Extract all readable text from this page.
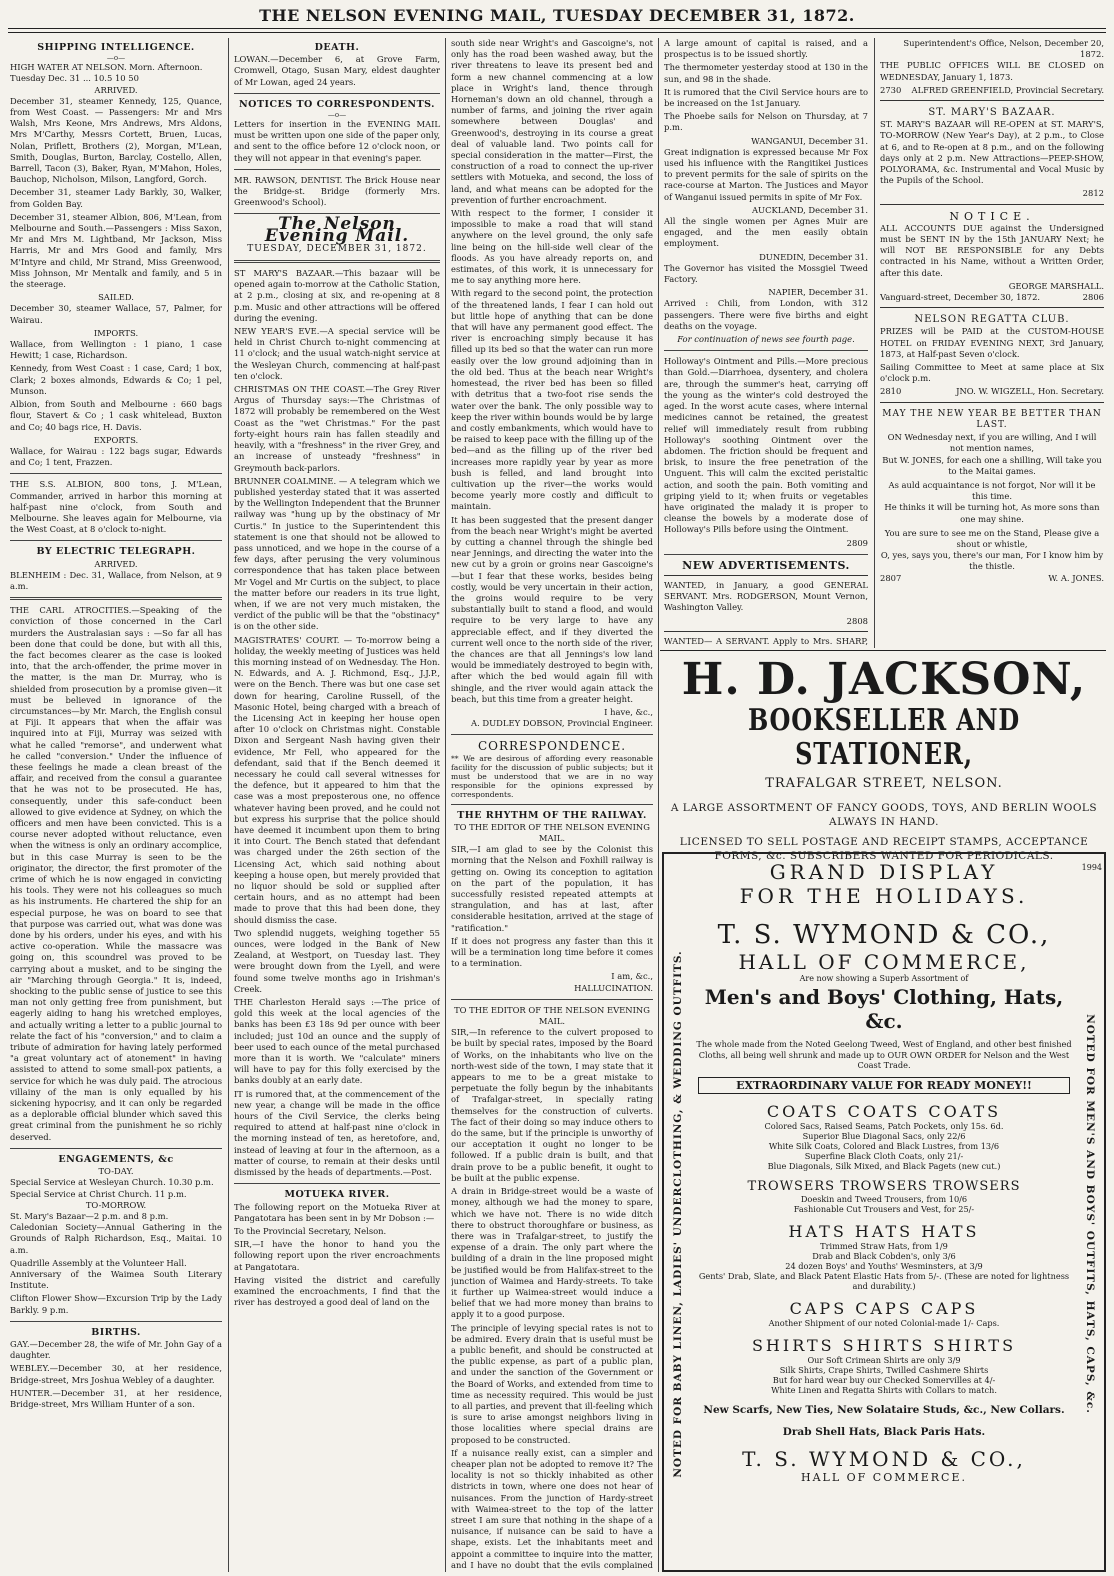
THE NELSON EVENING MAIL, TUESDAY DECEMBER 31, 1872.
SHIPPING INTELLIGENCE.
—o—
HIGH WATER AT NELSON. Morn. Afternoon.
Tuesday Dec. 31 ... 10.5 10 50
ARRIVED.

December 31, steamer Kennedy, 125, Quance, from West Coast. — Passengers: Mr and Mrs Walsh, Mrs Keone, Mrs Andrews, Mrs Aldons, Mrs M'Carthy, Messrs Cortett, Bruen, Lucas, Nolan, Priflett, Brothers (2), Morgan, M'Lean, Smith, Douglas, Burton, Barclay, Costello, Allen, Barrell, Tacon (3), Baker, Ryan, M'Mahon, Holes, Bauchop, Nicholson, Milson, Langford, Gorch.

December 31, steamer Lady Barkly, 30, Walker, from Golden Bay.

December 31, steamer Albion, 806, M'Lean, from Melbourne and South.—Passengers : Miss Saxon, Mr and Mrs M. Lightband, Mr Jackson, Miss Harris, Mr and Mrs Good and family, Mrs M'Intyre and child, Mr Strand, Miss Greenwood, Miss Johnson, Mr Mentalk and family, and 5 in the steerage.

SAILED.

December 30, steamer Wallace, 57, Palmer, for Wairau.

IMPORTS.

Wallace, from Wellington : 1 piano, 1 case Hewitt; 1 case, Richardson.

Kennedy, from West Coast : 1 case, Card; 1 box, Clark; 2 boxes almonds, Edwards & Co; 1 pel, Munson.

Albion, from South and Melbourne : 660 bags flour, Stavert & Co ; 1 cask whitelead, Buxton and Co; 40 bags rice, H. Davis.

EXPORTS.

Wallace, for Wairau : 122 bags sugar, Edwards and Co; 1 tent, Frazzen.

THE S.S. ALBION, 800 tons, J. M'Lean, Commander, arrived in harbor this morning at half-past nine o'clock, from South and Melbourne. She leaves again for Melbourne, via the West Coast, at 8 o'clock to-night.

BY ELECTRIC TELEGRAPH.
ARRIVED.

BLENHEIM : Dec. 31, Wallace, from Nelson, at 9 a.m.

THE CARL ATROCITIES.—Speaking of the conviction of those concerned in the Carl murders the Australasian says : —So far all has been done that could be done, but with all this, the fact becomes clearer as the case is looked into, that the arch-offender, the prime mover in the matter, is the man Dr. Murray, who is shielded from prosecution by a promise given—it must be believed in ignorance of the circumstances—by Mr. March, the English consul at Fiji. It appears that when the affair was inquired into at Fiji, Murray was seized with what he called "remorse", and underwent what he called "conversion." Under the influence of these feelings he made a clean breast of the affair, and received from the consul a guarantee that he was not to be prosecuted. He has, consequently, under this safe-conduct been allowed to give evidence at Sydney, on which the officers and men have been convicted. This is a course never adopted without reluctance, even when the witness is only an ordinary accomplice, but in this case Murray is seen to be the originator, the director, the first promoter of the crime of which he is now engaged in convicting his tools. They were not his colleagues so much as his instruments. He chartered the ship for an especial purpose, he was on board to see that that purpose was carried out, what was done was done by his orders, under his eyes, and with his active co-operation. While the massacre was going on, this scoundrel was proved to be carrying about a musket, and to be singing the air "Marching through Georgia." It is, indeed, shocking to the public sense of justice to see this man not only getting free from punishment, but eagerly aiding to hang his wretched employes, and actually writing a letter to a public journal to relate the fact of his "conversion," and to claim a tribute of admiration for having lately performed "a great voluntary act of atonement" in having assisted to attend to some small-pox patients, a service for which he was duly paid. The atrocious villainy of the man is only equalled by his sickening hypocrisy, and it can only be regarded as a deplorable official blunder which saved this great criminal from the punishment he so richly deserved.

ENGAGEMENTS, &c
TO-DAY.
Special Service at Wesleyan Church. 10.30 p.m.
Special Service at Christ Church. 11 p.m.
TO-MORROW.
St. Mary's Bazaar—2 p.m. and 8 p.m.

Caledonian Society—Annual Gathering in the Grounds of Ralph Richardson, Esq., Maitai. 10 a.m.

Quadrille Assembly at the Volunteer Hall.

Anniversary of the Waimea South Literary Institute.

Clifton Flower Show—Excursion Trip by the Lady Barkly. 9 p.m.

BIRTHS.

GAY.—December 28, the wife of Mr. John Gay of a daughter.

WEBLEY.—December 30, at her residence, Bridge-street, Mrs Joshua Webley of a daughter.

HUNTER.—December 31, at her residence, Bridge-street, Mrs William Hunter of a son.

DEATH.

LOWAN.—December 6, at Grove Farm, Cromwell, Otago, Susan Mary, eldest daughter of Mr Lowan, aged 24 years.

NOTICES TO CORRESPONDENTS.
—o—

Letters for insertion in the EVENING MAIL must be written upon one side of the paper only, and sent to the office before 12 o'clock noon, or they will not appear in that evening's paper.

MR. RAWSON, DENTIST. The Brick House near the Bridge-st. Bridge (formerly Mrs. Greenwood's School).

The Nelson Evening Mail.
TUESDAY, DECEMBER 31, 1872.

ST MARY'S BAZAAR.—This bazaar will be opened again to-morrow at the Catholic Station, at 2 p.m., closing at six, and re-opening at 8 p.m. Music and other attractions will be offered during the evening.

NEW YEAR'S EVE.—A special service will be held in Christ Church to-night commencing at 11 o'clock; and the usual watch-night service at the Wesleyan Church, commencing at half-past ten o'clock.

CHRISTMAS ON THE COAST.—The Grey River Argus of Thursday says:—The Christmas of 1872 will probably be remembered on the West Coast as the "wet Christmas." For the past forty-eight hours rain has fallen steadily and heavily, with a "freshness" in the river Grey, and an increase of unsteady "freshness" in Greymouth back-parlors.

BRUNNER COALMINE. — A telegram which we published yesterday stated that it was asserted by the Wellington Independent that the Brunner railway was "hung up by the obstinacy of Mr Curtis." In justice to the Superintendent this statement is one that should not be allowed to pass unnoticed, and we hope in the course of a few days, after perusing the very voluminous correspondence that has taken place between Mr Vogel and Mr Curtis on the subject, to place the matter before our readers in its true light, when, if we are not very much mistaken, the verdict of the public will be that the "obstinacy" is on the other side.

MAGISTRATES' COURT. — To-morrow being a holiday, the weekly meeting of Justices was held this morning instead of on Wednesday. The Hon. N. Edwards, and A. J. Richmond, Esq., J.J.P., were on the Bench. There was but one case set down for hearing, Caroline Russell, of the Masonic Hotel, being charged with a breach of the Licensing Act in keeping her house open after 10 o'clock on Christmas night. Constable Dixon and Sergeant Nash having given their evidence, Mr Fell, who appeared for the defendant, said that if the Bench deemed it necessary he could call several witnesses for the defence, but it appeared to him that the case was a most preposterous one, no offence whatever having been proved, and he could not but express his surprise that the police should have deemed it incumbent upon them to bring it into Court. The Bench stated that defendant was charged under the 26th section of the Licensing Act, which said nothing about keeping a house open, but merely provided that no liquor should be sold or supplied after certain hours, and as no attempt had been made to prove that this had been done, they should dismiss the case.

Two splendid nuggets, weighing together 55 ounces, were lodged in the Bank of New Zealand, at Westport, on Tuesday last. They were brought down from the Lyell, and were found some twelve months ago in Irishman's Creek.

THE Charleston Herald says :—The price of gold this week at the local agencies of the banks has been £3 18s 9d per ounce with beer included; just 10d an ounce and the supply of beer used to each ounce of the metal purchased more than it is worth. We "calculate" miners will have to pay for this folly exercised by the banks doubly at an early date.

IT is rumored that, at the commencement of the new year, a change will be made in the office hours of the Civil Service, the clerks being required to attend at half-past nine o'clock in the morning instead of ten, as heretofore, and, instead of leaving at four in the afternoon, as a matter of course, to remain at their desks until dismissed by the heads of departments.—Post.

MOTUEKA RIVER.

The following report on the Motueka River at Pangatotara has been sent in by Mr Dobson :—

To the Provincial Secretary, Nelson.

SIR,—I have the honor to hand you the following report upon the river encroachments at Pangatotara.

Having visited the district and carefully examined the encroachments, I find that the river has destroyed a good deal of land on the

south side near Wright's and Gascoigne's, not only has the road been washed away, but the river threatens to leave its present bed and form a new channel commencing at a low place in Wright's land, thence through Horneman's down an old channel, through a number of farms, and joining the river again somewhere between Douglas' and Greenwood's, destroying in its course a great deal of valuable land. Two points call for special consideration in the matter—First, the construction of a road to connect the up-river settlers with Motueka, and second, the loss of land, and what means can be adopted for the prevention of further encroachment.

With respect to the former, I consider it impossible to make a road that will stand anywhere on the level ground, the only safe line being on the hill-side well clear of the floods. As you have already reports on, and estimates, of this work, it is unnecessary for me to say anything more here.

With regard to the second point, the protection of the threatened lands, I fear I can hold out but little hope of anything that can be done that will have any permanent good effect. The river is encroaching simply because it has filled up its bed so that the water can run more easily over the low ground adjoining than in the old bed. Thus at the beach near Wright's homestead, the river bed has been so filled with detritus that a two-foot rise sends the water over the bank. The only possible way to keep the river within bounds would be by large and costly embankments, which would have to be raised to keep pace with the filling up of the bed—and as the filling up of the river bed increases more rapidly year by year as more bush is felled, and land brought into cultivation up the river—the works would become yearly more costly and difficult to maintain.

It has been suggested that the present danger from the beach near Wright's might be averted by cutting a channel through the shingle bed near Jennings, and directing the water into the new cut by a groin or groins near Gascoigne's—but I fear that these works, besides being costly, would be very uncertain in their action, the groins would require to be very substantially built to stand a flood, and would require to be very large to have any appreciable effect, and if they diverted the current well once to the north side of the river, the chances are that all Jennings's low land would be immediately destroyed to begin with, after which the bed would again fill with shingle, and the river would again attack the beach, but this time from a greater height.

I have, &c.,
A. DUDLEY DOBSON, Provincial Engineer.
CORRESPONDENCE.

** We are desirous of affording every reasonable facility for the discussion of public subjects; but it must be understood that we are in no way responsible for the opinions expressed by correspondents.

THE RHYTHM OF THE RAILWAY.
TO THE EDITOR OF THE NELSON EVENING MAIL.

SIR,—I am glad to see by the Colonist this morning that the Nelson and Foxhill railway is getting on. Owing its conception to agitation on the part of the population, it has successfully resisted repeated attempts at strangulation, and has at last, after considerable hesitation, arrived at the stage of "ratification."

If it does not progress any faster than this it will be a termination long time before it comes to a termination.

I am, &c.,
HALLUCINATION.
TO THE EDITOR OF THE NELSON EVENING MAIL.

SIR,—In reference to the culvert proposed to be built by special rates, imposed by the Board of Works, on the inhabitants who live on the north-west side of the town, I may state that it appears to me to be a great mistake to perpetuate the folly begun by the inhabitants of Trafalgar-street, in specially rating themselves for the construction of culverts. The fact of their doing so may induce others to do the same, but if the principle is unworthy of our acceptation it ought no longer to be followed. If a public drain is built, and that drain prove to be a public benefit, it ought to be built at the public expense.

A drain in Bridge-street would be a waste of money, although we had the money to spare, which we have not. There is no wide ditch there to obstruct thoroughfare or business, as there was in Trafalgar-street, to justify the expense of a drain. The only part where the building of a drain in the line proposed might be justified would be from Halifax-street to the junction of Waimea and Hardy-streets. To take it further up Waimea-street would induce a belief that we had more money than brains to apply it to a good purpose.

The principle of levying special rates is not to be admired. Every drain that is useful must be a public benefit, and should be constructed at the public expense, as part of a public plan, and under the sanction of the Government or the Board of Works, and extended from time to time as necessity required. This would be just to all parties, and prevent that ill-feeling which is sure to arise amongst neighbors living in those localities where special drains are proposed to be constructed.

If a nuisance really exist, can a simpler and cheaper plan not be adopted to remove it? The locality is not so thickly inhabited as other districts in town, where one does not hear of nuisances. From the junction of Hardy-street with Waimea-street to the top of the latter street I am sure that nothing in the shape of a nuisance, if nuisance can be said to have a shape, exists. Let the inhabitants meet and appoint a committee to inquire into the matter, and I have no doubt that the evils complained

A large amount of capital is raised, and a prospectus is to be issued shortly.

The thermometer yesterday stood at 130 in the sun, and 98 in the shade.

It is rumored that the Civil Service hours are to be increased on the 1st January.

The Phoebe sails for Nelson on Thursday, at 7 p.m.

WANGANUI, December 31.

Great indignation is expressed because Mr Fox used his influence with the Rangitikei Justices to prevent permits for the sale of spirits on the race-course at Marton. The Justices and Mayor of Wanganui issued permits in spite of Mr Fox.

AUCKLAND, December 31.

All the single women per Agnes Muir are engaged, and the men easily obtain employment.

DUNEDIN, December 31.

The Governor has visited the Mossgiel Tweed Factory.

NAPIER, December 31.

Arrived : Chili, from London, with 312 passengers. There were five births and eight deaths on the voyage.

For continuation of news see fourth page.

Holloway's Ointment and Pills.—More precious than Gold.—Diarrhoea, dysentery, and cholera are, through the summer's heat, carrying off the young as the winter's cold destroyed the aged. In the worst acute cases, where internal medicines cannot be retained, the greatest relief will immediately result from rubbing Holloway's soothing Ointment over the abdomen. The friction should be frequent and brisk, to insure the free penetration of the Unguent. This will calm the excited peristaltic action, and sooth the pain. Both vomiting and griping yield to it; when fruits or vegetables have originated the malady it is proper to cleanse the bowels by a moderate dose of Holloway's Pills before using the Ointment.

2809
NEW ADVERTISEMENTS.

WANTED, in January, a good GENERAL SERVANT. Mrs. RODGERSON, Mount Vernon, Washington Valley.

2808

WANTED— A SERVANT. Apply to Mrs. SHARP,

Superintendent's Office, Nelson, December 20, 1872.

THE PUBLIC OFFICES WILL BE CLOSED on WEDNESDAY, January 1, 1873.

2730 ALFRED GREENFIELD, Provincial Secretary.
ST. MARY'S BAZAAR.

ST. MARY'S BAZAAR will RE-OPEN at ST. MARY'S, TO-MORROW (New Year's Day), at 2 p.m., to Close at 6, and to Re-open at 8 p.m., and on the following days only at 2 p.m. New Attractions—PEEP-SHOW, POLYORAMA, &c. Instrumental and Vocal Music by the Pupils of the School.

2812
NOTICE.

ALL ACCOUNTS DUE against the Undersigned must be SENT IN by the 15th JANUARY Next; he will NOT BE RESPONSIBLE for any Debts contracted in his Name, without a Written Order, after this date.

GEORGE MARSHALL.
Vanguard-street, December 30, 1872.	2806
NELSON REGATTA CLUB.

PRIZES will be PAID at the CUSTOM-HOUSE HOTEL on FRIDAY EVENING NEXT, 3rd January, 1873, at Half-past Seven o'clock.

Sailing Committee to Meet at same place at Six o'clock p.m.

2810	JNO. W. WIGZELL, Hon. Secretary.
MAY THE NEW YEAR BE BETTER THAN LAST.
ON Wednesday next, if you are willing, And I will not mention names,
But W. JONES, for each one a shilling, Will take you to the Maitai games.
As auld acquaintance is not forgot, Nor will it be this time.
He thinks it will be turning hot, As more sons than one may shine.
You are sure to see me on the Stand, Please give a shout or whistle,
O, yes, says you, there's our man, For I know him by the thistle.
2807	W. A. JONES.
H. D. JACKSON,
BOOKSELLER AND STATIONER,
TRAFALGAR STREET, NELSON.
A LARGE ASSORTMENT OF FANCY GOODS, TOYS, AND BERLIN WOOLS ALWAYS IN HAND.
LICENSED TO SELL POSTAGE AND RECEIPT STAMPS, ACCEPTANCE FORMS, &c. SUBSCRIBERS WANTED FOR PERIODICALS.
1994
NOTED FOR BABY LINEN, LADIES' UNDERCLOTHING, & WEDDING OUTFITS.	NOTED FOR MEN'S AND BOYS' OUTFITS, HATS, CAPS, &c.
GRAND DISPLAY
FOR THE HOLIDAYS.
T. S. WYMOND & CO.,
HALL OF COMMERCE,
Are now showing a Superb Assortment of
Men's and Boys' Clothing, Hats, &c.
The whole made from the Noted Geelong Tweed, West of England, and other best finished Cloths, all being well shrunk and made up to OUR OWN ORDER for Nelson and the West Coast Trade.
EXTRAORDINARY VALUE FOR READY MONEY!!
COATS COATS COATS
Colored Sacs, Raised Seams, Patch Pockets, only 15s. 6d.
Superior Blue Diagonal Sacs, only 22/6
White Silk Coats, Colored and Black Lustres, from 13/6
Superfine Black Cloth Coats, only 21/-
Blue Diagonals, Silk Mixed, and Black Pagets (new cut.)
TROWSERS TROWSERS TROWSERS
Doeskin and Tweed Trousers, from 10/6
Fashionable Cut Trousers and Vest, for 25/-
HATS HATS HATS
Trimmed Straw Hats, from 1/9
Drab and Black Cobden's, only 3/6
24 dozen Boys' and Youths' Wesminsters, at 3/9
Gents' Drab, Slate, and Black Patent Elastic Hats from 5/-. (These are noted for lightness and durability.)
CAPS CAPS CAPS
Another Shipment of our noted Colonial-made 1/- Caps.
SHIRTS SHIRTS SHIRTS
Our Soft Crimean Shirts are only 3/9
Silk Shirts, Crape Shirts, Twilled Cashmere Shirts
But for hard wear buy our Checked Somervilles at 4/-
White Linen and Regatta Shirts with Collars to match.
New Scarfs, New Ties, New Solataire Studs, &c., New Collars.
Drab Shell Hats, Black Paris Hats.
T. S. WYMOND & CO.,
HALL OF COMMERCE.
